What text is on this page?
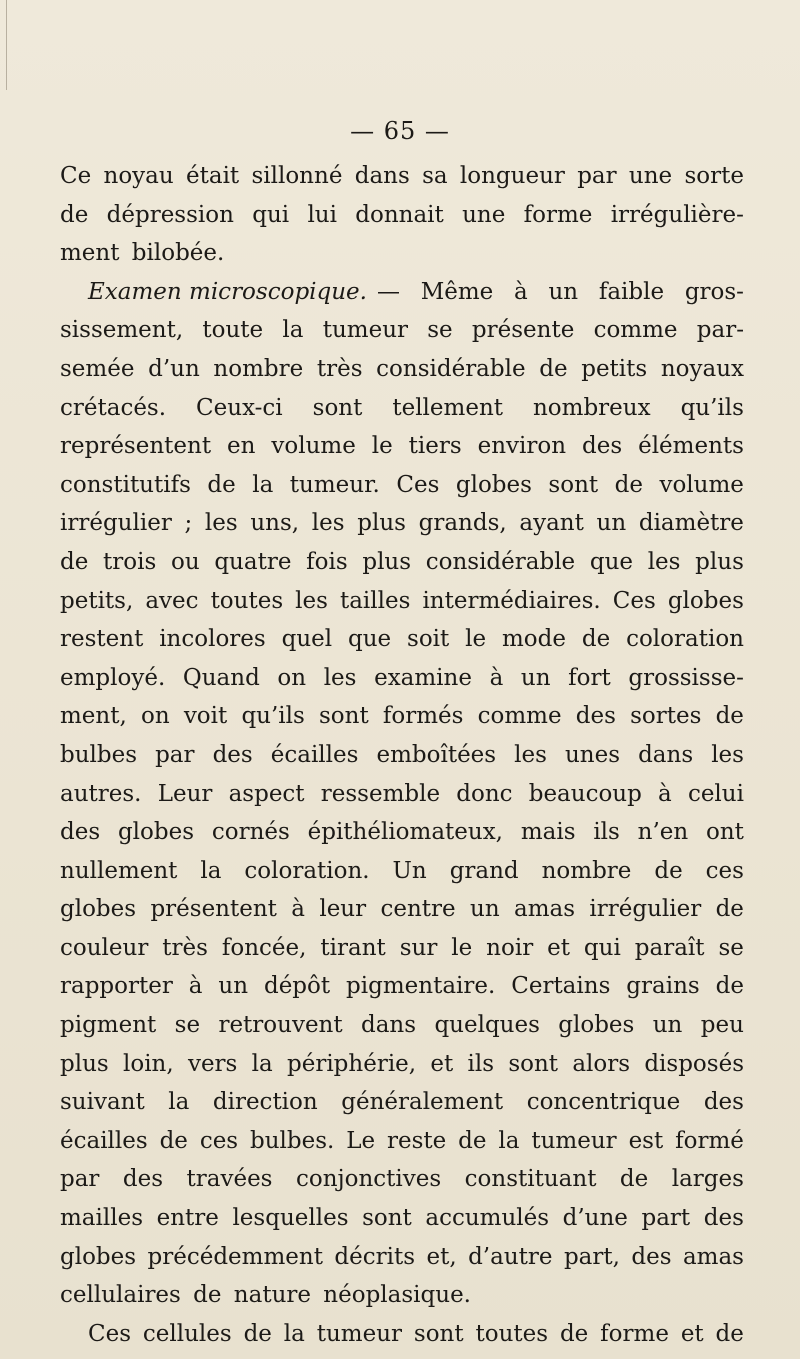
— 65 —
Ce noyau était sillonné dans sa longueur par une sorte
de dépression qui lui donnait une forme irrégulière-
ment bilobée.
Examen microscopique. — Même à un faible gros-
sissement, toute la tumeur se présente comme par-
semée d’un nombre très considérable de petits noyaux
crétacés. Ceux-ci sont tellement nombreux qu’ils
représentent en volume le tiers environ des éléments
constitutifs de la tumeur. Ces globes sont de volume
irrégulier ; les uns, les plus grands, ayant un diamètre
de trois ou quatre fois plus considérable que les plus
petits, avec toutes les tailles intermédiaires. Ces globes
restent incolores quel que soit le mode de coloration
employé. Quand on les examine à un fort grossisse-
ment, on voit qu’ils sont formés comme des sortes de
bulbes par des écailles emboîtées les unes dans les
autres. Leur aspect ressemble donc beaucoup à celui
des globes cornés épithéliomateux, mais ils n’en ont
nullement la coloration. Un grand nombre de ces
globes présentent à leur centre un amas irrégulier de
couleur très foncée, tirant sur le noir et qui paraît se
rapporter à un dépôt pigmentaire. Certains grains de
pigment se retrouvent dans quelques globes un peu
plus loin, vers la périphérie, et ils sont alors disposés
suivant la direction généralement concentrique des
écailles de ces bulbes. Le reste de la tumeur est formé
par des travées conjonctives constituant de larges
mailles entre lesquelles sont accumulés d’une part des
globes précédemment décrits et, d’autre part, des amas
cellulaires de nature néoplasique.
Ces cellules de la tumeur sont toutes de forme et de
